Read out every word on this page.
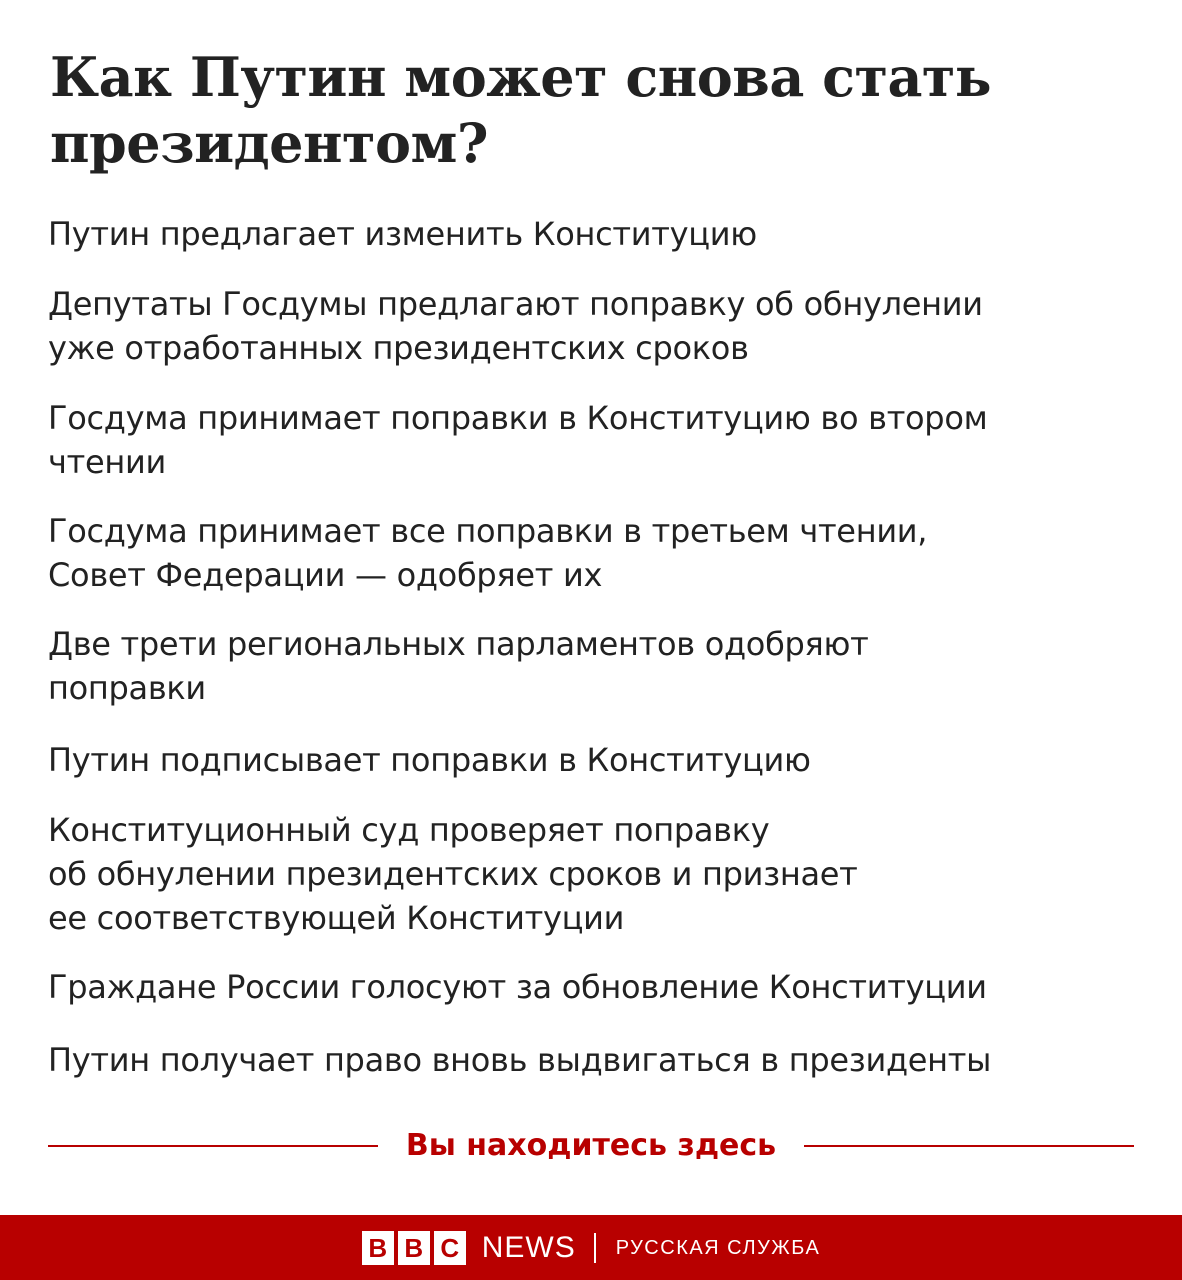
Как Путин может снова стать президентом?
Путин предлагает изменить Конституцию
Депутаты Госдумы предлагают поправку об обнулении
уже отработанных президентских сроков
Госдума принимает поправки в Конституцию во втором
чтении
Госдума принимает все поправки в третьем чтении,
Совет Федерации — одобряет их
Две трети региональных парламентов одобряют
поправки
Путин подписывает поправки в Конституцию
Конституционный суд проверяет поправку
об обнулении президентских сроков и признает
ее соответствующей Конституции
Граждане России голосуют за обновление Конституции
Путин получает право вновь выдвигаться в президенты
Вы находитесь здесь
B B C NEWS РУССКАЯ СЛУЖБА
